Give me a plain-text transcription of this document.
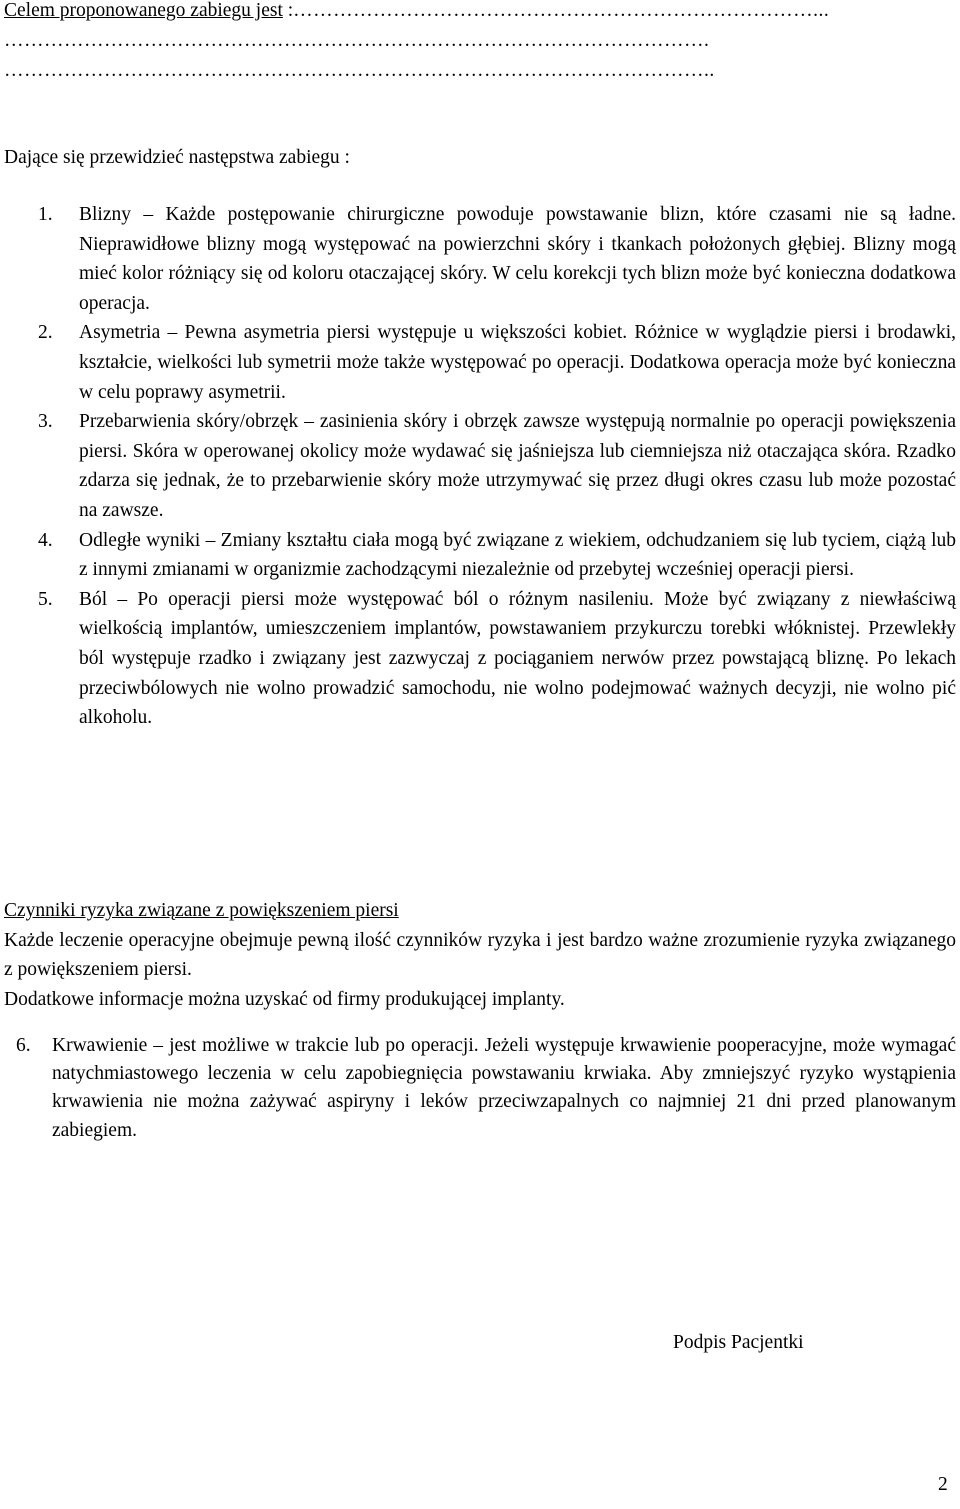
Celem proponowanego zabiegu jest :……………………………………………………………………...
…………………………………………………………………………………………….
……………………………………………………………………………………………..
Dające się przewidzieć następstwa zabiegu :
1. Blizny – Każde postępowanie chirurgiczne powoduje powstawanie blizn, które czasami nie są ładne. Nieprawidłowe blizny mogą występować na powierzchni skóry i tkankach położonych głębiej. Blizny mogą mieć kolor różniący się od koloru otaczającej skóry. W celu korekcji tych blizn może być konieczna dodatkowa operacja.

2. Asymetria – Pewna asymetria piersi występuje u większości kobiet. Różnice w wyglądzie piersi i brodawki, kształcie, wielkości lub symetrii może także występować po operacji. Dodatkowa operacja może być konieczna w celu poprawy asymetrii.

3. Przebarwienia skóry/obrzęk – zasinienia skóry i obrzęk zawsze występują normalnie po operacji powiększenia piersi. Skóra w operowanej okolicy może wydawać się jaśniejsza lub ciemniejsza niż otaczająca skóra. Rzadko zdarza się jednak, że to przebarwienie skóry może utrzymywać się przez długi okres czasu lub może pozostać na zawsze.

4. Odległe wyniki – Zmiany kształtu ciała mogą być związane z wiekiem, odchudzaniem się lub tyciem, ciążą lub z innymi zmianami w organizmie zachodzącymi niezależnie od przebytej wcześniej operacji piersi.

5. Ból – Po operacji piersi może występować ból o różnym nasileniu. Może być związany z niewłaściwą wielkością implantów, umieszczeniem implantów, powstawaniem przykurczu torebki włóknistej. Przewlekły ból występuje rzadko i związany jest zazwyczaj z pociąganiem nerwów przez powstającą bliznę. Po lekach przeciwbólowych nie wolno prowadzić samochodu, nie wolno podejmować ważnych decyzji, nie wolno pić alkoholu.

Czynniki ryzyka związane z powiększeniem piersi

Każde leczenie operacyjne obejmuje pewną ilość czynników ryzyka i jest bardzo ważne zrozumienie ryzyka związanego z powiększeniem piersi.

Dodatkowe informacje można uzyskać od firmy produkującej implanty.

6. Krwawienie – jest możliwe w trakcie lub po operacji. Jeżeli występuje krwawienie pooperacyjne, może wymagać natychmiastowego leczenia w celu zapobiegnięcia powstawaniu krwiaka. Aby zmniejszyć ryzyko wystąpienia krwawienia nie można zażywać aspiryny i leków przeciwzapalnych co najmniej 21 dni przed planowanym zabiegiem.

Podpis Pacjentki
2
